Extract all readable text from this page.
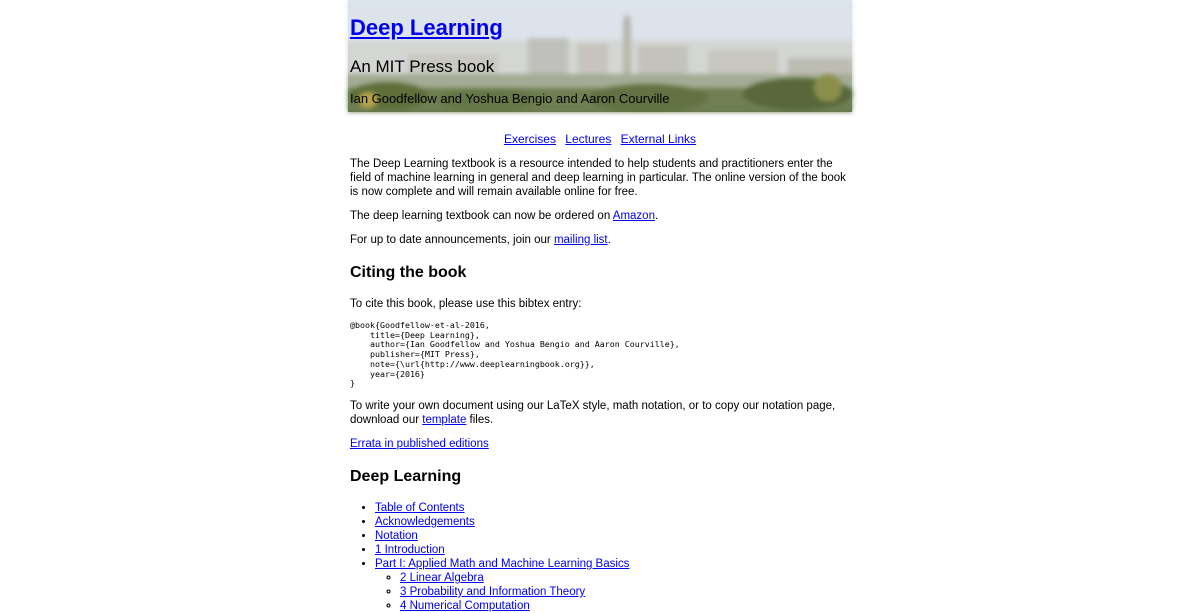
Deep Learning
An MIT Press book
Ian Goodfellow and Yoshua Bengio and Aaron Courville
Exercises Lectures External Links

The Deep Learning textbook is a resource intended to help students and practitioners enter the field of machine learning in general and deep learning in particular. The online version of the book is now complete and will remain available online for free.

The deep learning textbook can now be ordered on Amazon.

For up to date announcements, join our mailing list.

Citing the book

To cite this book, please use this bibtex entry:

@book{Goodfellow-et-al-2016,
title={Deep Learning},
author={Ian Goodfellow and Yoshua Bengio and Aaron Courville},
publisher={MIT Press},
note={\url{http://www.deeplearningbook.org}},
year={2016}
}

To write your own document using our LaTeX style, math notation, or to copy our notation page, download our template files.

Errata in published editions

Deep Learning
• Table of Contents
• Acknowledgements
• Notation
• 1 Introduction
• Part I: Applied Math and Machine Learning Basics
◦ 2 Linear Algebra
◦ 3 Probability and Information Theory
◦ 4 Numerical Computation
